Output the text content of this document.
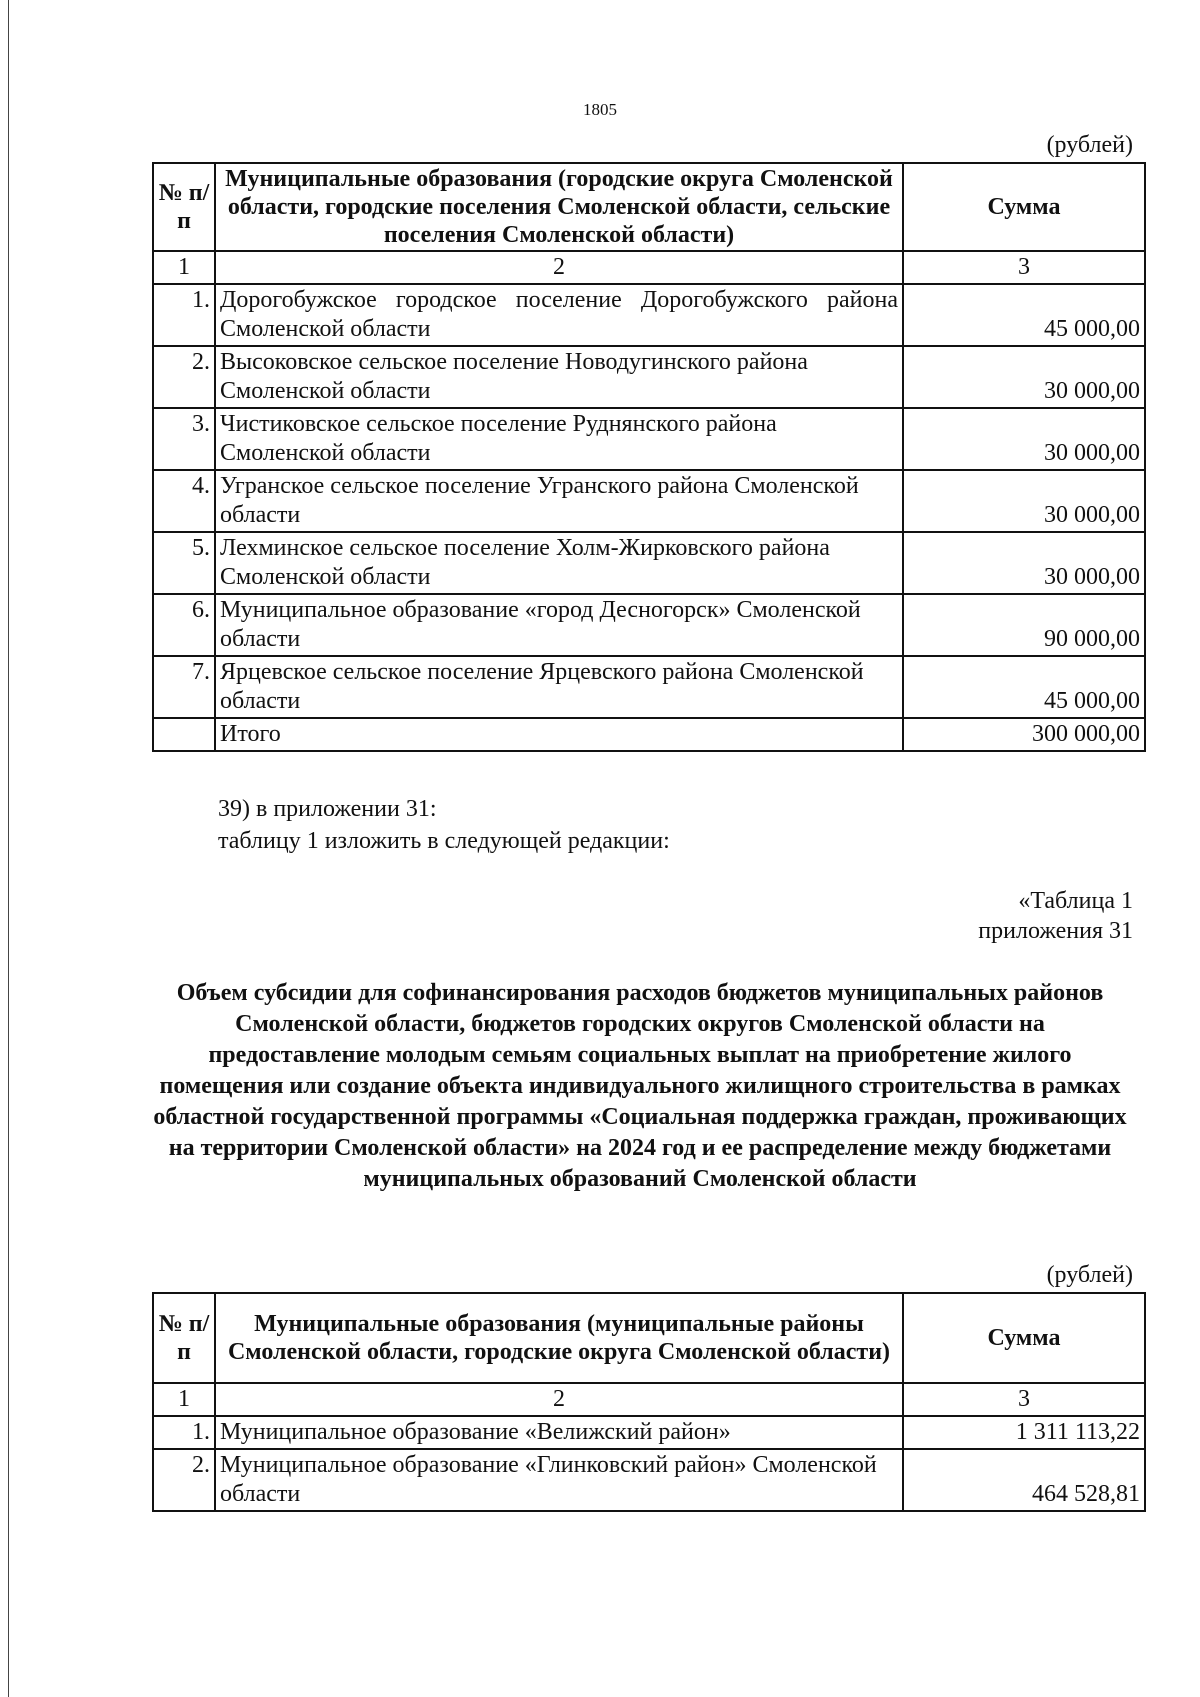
1805
(рублей)
№ п/п	Муниципальные образования (городские округа Смоленской области, городские поселения Смоленской области, сельские поселения Смоленской области)	Сумма
1	2	3
1.	Дорогобужское городское поселение Дорогобужского района Смоленской области	45 000,00
2.	Высоковское сельское поселение Новодугинского района Смоленской области	30 000,00
3.	Чистиковское сельское поселение Руднянского района Смоленской области	30 000,00
4.	Угранское сельское поселение Угранского района Смоленской области	30 000,00
5.	Лехминское сельское поселение Холм-Жирковского района Смоленской области	30 000,00
6.	Муниципальное образование «город Десногорск» Смоленской области	90 000,00
7.	Ярцевское сельское поселение Ярцевского района Смоленской области	45 000,00
	Итого	300 000,00
39) в приложении 31:
таблицу 1 изложить в следующей редакции:
«Таблица 1
приложения 31
Объем субсидии для софинансирования расходов бюджетов муниципальных районов Смоленской области, бюджетов городских округов Смоленской области на предоставление молодым семьям социальных выплат на приобретение жилого помещения или создание объекта индивидуального жилищного строительства в рамках областной государственной программы «Социальная поддержка граждан, проживающих на территории Смоленской области» на 2024 год и ее распределение между бюджетами муниципальных образований Смоленской области
(рублей)
№ п/п	Муниципальные образования (муниципальные районы Смоленской области, городские округа Смоленской области)	Сумма
1	2	3
1.	Муниципальное образование «Велижский район»	1 311 113,22
2.	Муниципальное образование «Глинковский район» Смоленской области	464 528,81
